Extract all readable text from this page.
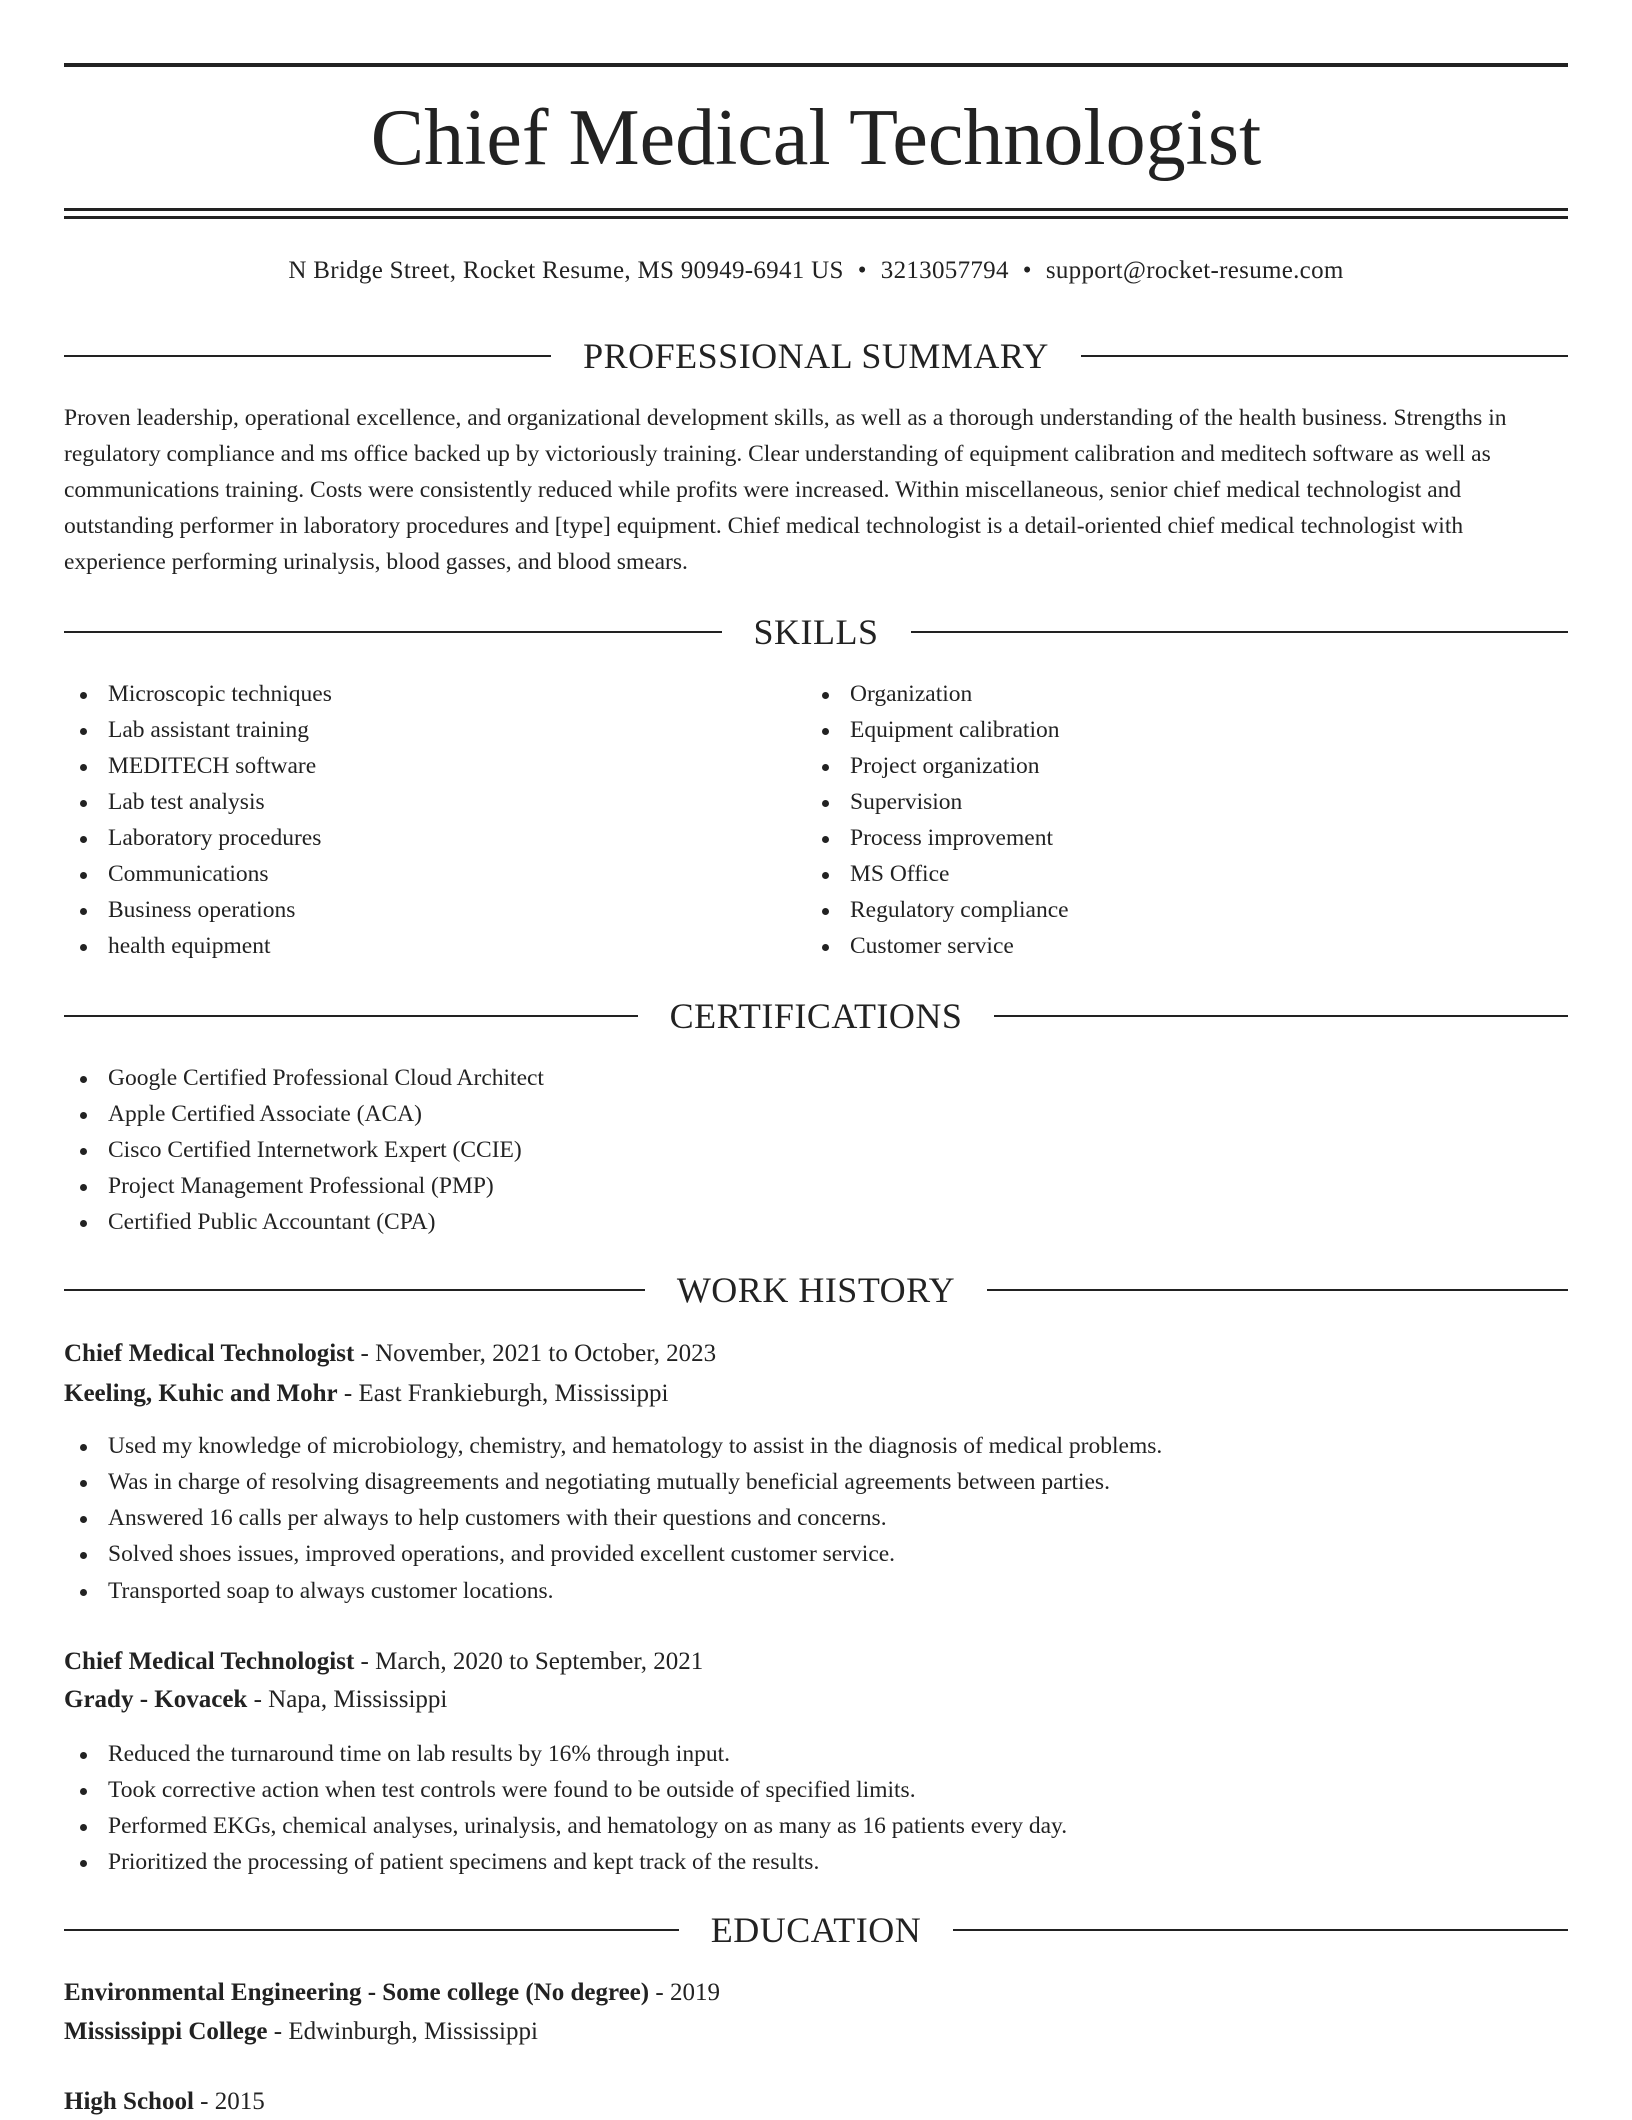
Chief Medical Technologist
N Bridge Street, Rocket Resume, MS 90949-6941 US • 3213057794 • support@rocket-resume.com
PROFESSIONAL SUMMARY

Proven leadership, operational excellence, and organizational development skills, as well as a thorough understanding of the health business. Strengths in regulatory compliance and ms office backed up by victoriously training. Clear understanding of equipment calibration and meditech software as well as communications training. Costs were consistently reduced while profits were increased. Within miscellaneous, senior chief medical technologist and outstanding performer in laboratory procedures and [type] equipment. Chief medical technologist is a detail-oriented chief medical technologist with experience performing urinalysis, blood gasses, and blood smears.

SKILLS
Microscopic techniques
Lab assistant training
MEDITECH software
Lab test analysis
Laboratory procedures
Communications
Business operations
health equipment
Organization
Equipment calibration
Project organization
Supervision
Process improvement
MS Office
Regulatory compliance
Customer service
CERTIFICATIONS
Google Certified Professional Cloud Architect
Apple Certified Associate (ACA)
Cisco Certified Internetwork Expert (CCIE)
Project Management Professional (PMP)
Certified Public Accountant (CPA)
WORK HISTORY
Chief Medical Technologist - November, 2021 to October, 2023
Keeling, Kuhic and Mohr - East Frankieburgh, Mississippi
Used my knowledge of microbiology, chemistry, and hematology to assist in the diagnosis of medical problems.
Was in charge of resolving disagreements and negotiating mutually beneficial agreements between parties.
Answered 16 calls per always to help customers with their questions and concerns.
Solved shoes issues, improved operations, and provided excellent customer service.
Transported soap to always customer locations.
Chief Medical Technologist - March, 2020 to September, 2021
Grady - Kovacek - Napa, Mississippi
Reduced the turnaround time on lab results by 16% through input.
Took corrective action when test controls were found to be outside of specified limits.
Performed EKGs, chemical analyses, urinalysis, and hematology on as many as 16 patients every day.
Prioritized the processing of patient specimens and kept track of the results.
EDUCATION
Environmental Engineering - Some college (No degree) - 2019
Mississippi College - Edwinburgh, Mississippi
High School - 2015
